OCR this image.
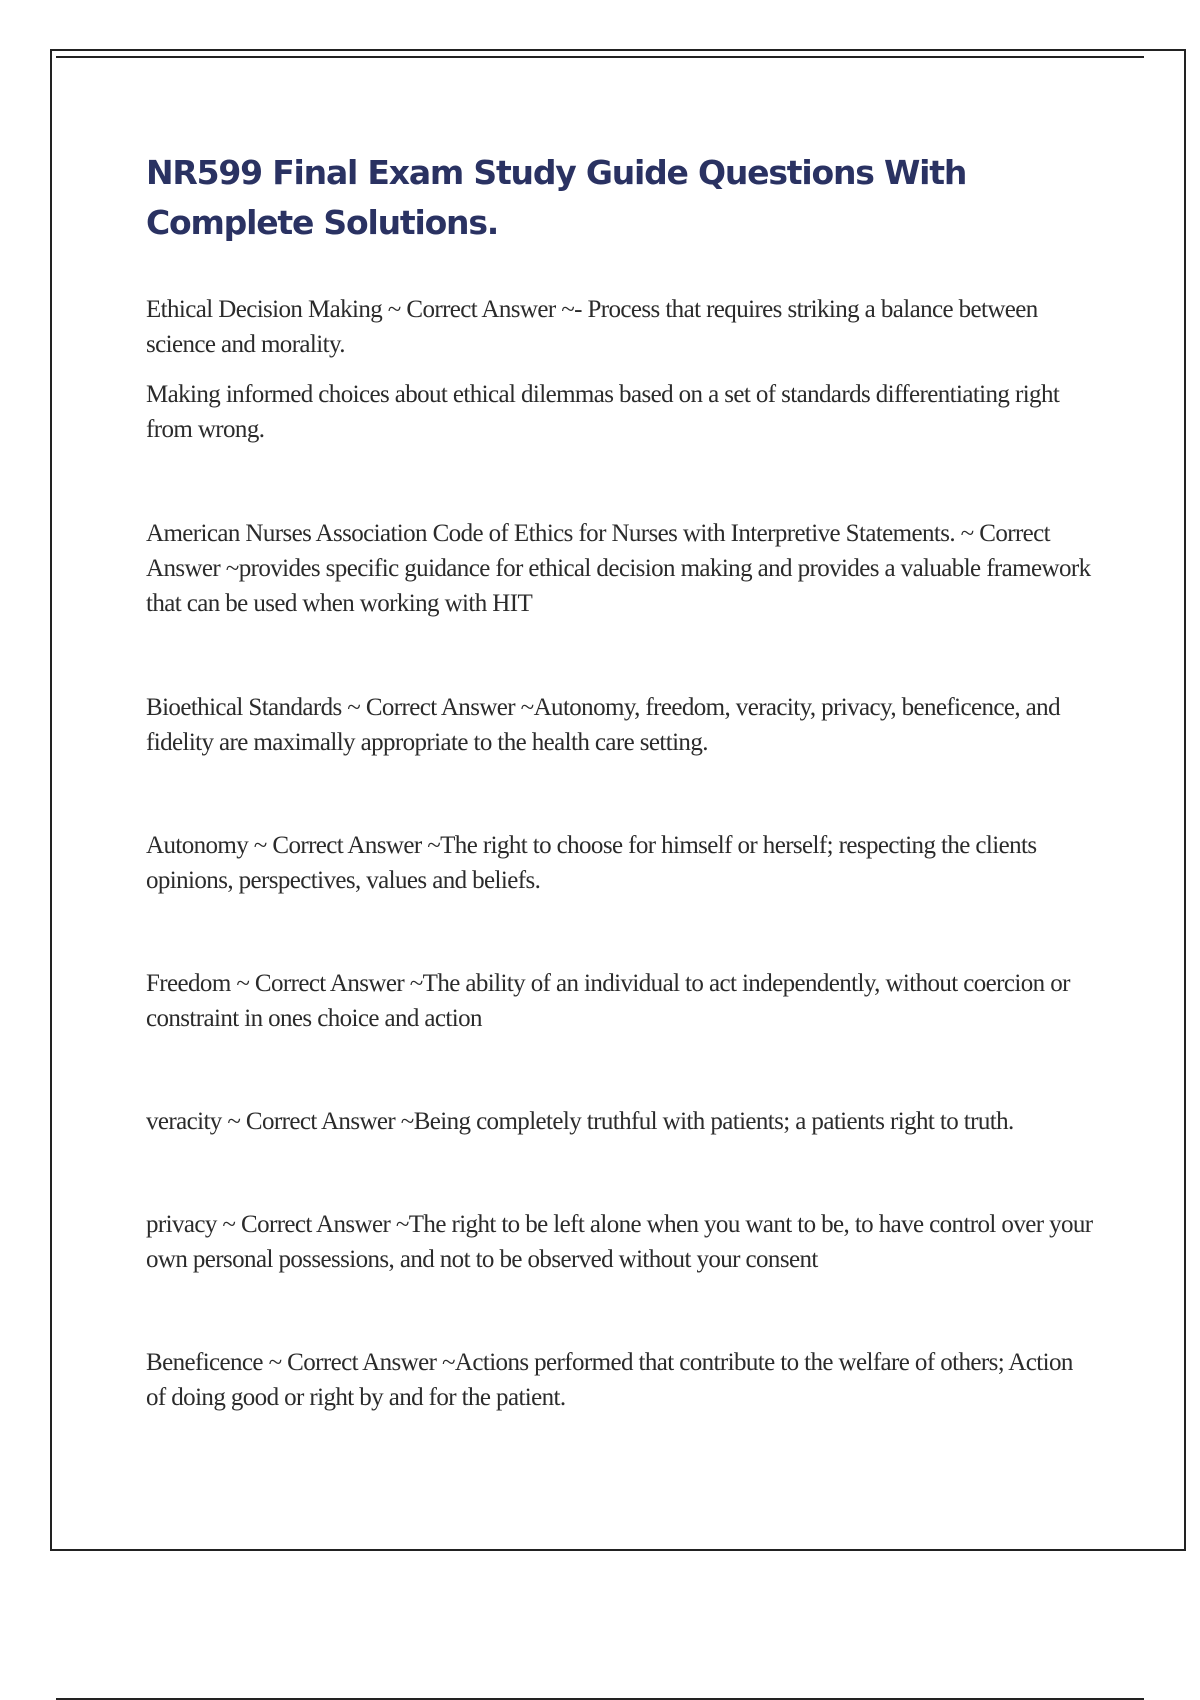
NR599 Final Exam Study Guide Questions With Complete Solutions.

Ethical Decision Making ~ Correct Answer ~- Process that requires striking a balance between science and morality.

Making informed choices about ethical dilemmas based on a set of standards differentiating right from wrong.

American Nurses Association Code of Ethics for Nurses with Interpretive Statements. ~ Correct Answer ~provides specific guidance for ethical decision making and provides a valuable framework that can be used when working with HIT

Bioethical Standards ~ Correct Answer ~Autonomy, freedom, veracity, privacy, beneficence, and fidelity are maximally appropriate to the health care setting.

Autonomy ~ Correct Answer ~The right to choose for himself or herself; respecting the clients opinions, perspectives, values and beliefs.

Freedom ~ Correct Answer ~The ability of an individual to act independently, without coercion or constraint in ones choice and action

veracity ~ Correct Answer ~Being completely truthful with patients; a patients right to truth.

privacy ~ Correct Answer ~The right to be left alone when you want to be, to have control over your own personal possessions, and not to be observed without your consent

Beneficence ~ Correct Answer ~Actions performed that contribute to the welfare of others; Action of doing good or right by and for the patient.
